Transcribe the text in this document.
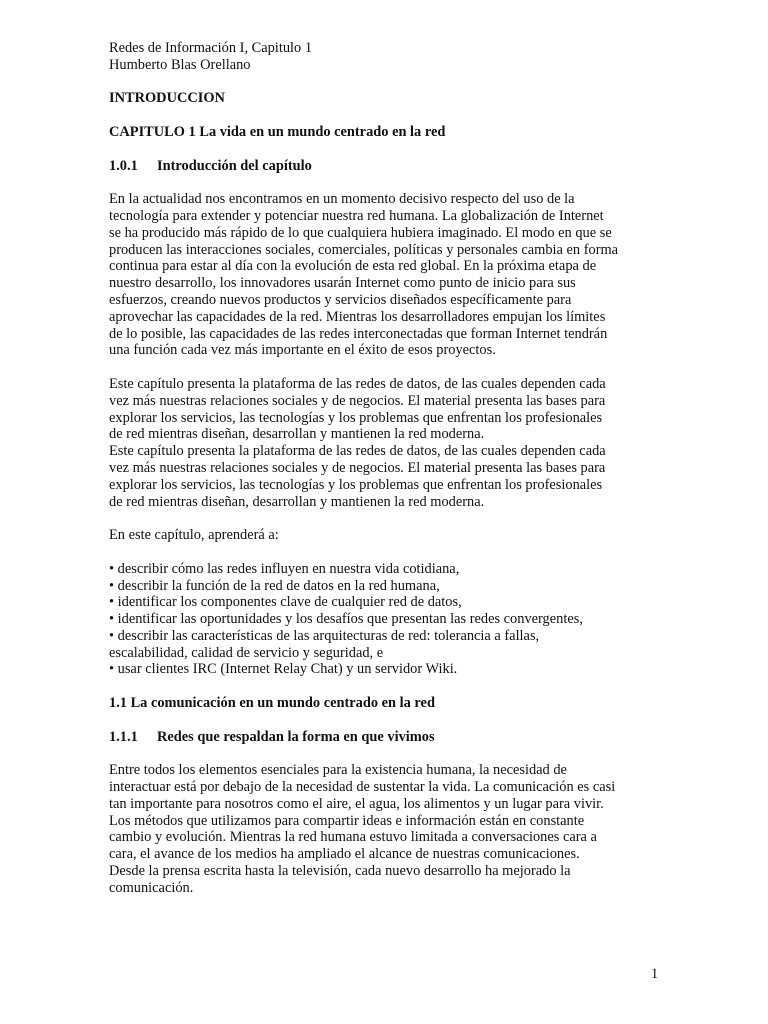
Redes de Información I, Capitulo 1

Humberto Blas Orellano

INTRODUCCION

CAPITULO 1 La vida en un mundo centrado en la red

1.0.1 Introducción del capítulo

En la actualidad nos encontramos en un momento decisivo respecto del uso de la

tecnología para extender y potenciar nuestra red humana. La globalización de Internet

se ha producido más rápido de lo que cualquiera hubiera imaginado. El modo en que se

producen las interacciones sociales, comerciales, políticas y personales cambia en forma

continua para estar al día con la evolución de esta red global. En la próxima etapa de

nuestro desarrollo, los innovadores usarán Internet como punto de inicio para sus

esfuerzos, creando nuevos productos y servicios diseñados específicamente para

aprovechar las capacidades de la red. Mientras los desarrolladores empujan los límites

de lo posible, las capacidades de las redes interconectadas que forman Internet tendrán

una función cada vez más importante en el éxito de esos proyectos.

Este capítulo presenta la plataforma de las redes de datos, de las cuales dependen cada

vez más nuestras relaciones sociales y de negocios. El material presenta las bases para

explorar los servicios, las tecnologías y los problemas que enfrentan los profesionales

de red mientras diseñan, desarrollan y mantienen la red moderna.

Este capítulo presenta la plataforma de las redes de datos, de las cuales dependen cada

vez más nuestras relaciones sociales y de negocios. El material presenta las bases para

explorar los servicios, las tecnologías y los problemas que enfrentan los profesionales

de red mientras diseñan, desarrollan y mantienen la red moderna.

En este capítulo, aprenderá a:

• describir cómo las redes influyen en nuestra vida cotidiana,

• describir la función de la red de datos en la red humana,

• identificar los componentes clave de cualquier red de datos,

• identificar las oportunidades y los desafíos que presentan las redes convergentes,

• describir las características de las arquitecturas de red: tolerancia a fallas,

escalabilidad, calidad de servicio y seguridad, e

• usar clientes IRC (Internet Relay Chat) y un servidor Wiki.

1.1 La comunicación en un mundo centrado en la red

1.1.1 Redes que respaldan la forma en que vivimos

Entre todos los elementos esenciales para la existencia humana, la necesidad de

interactuar está por debajo de la necesidad de sustentar la vida. La comunicación es casi

tan importante para nosotros como el aire, el agua, los alimentos y un lugar para vivir.

Los métodos que utilizamos para compartir ideas e información están en constante

cambio y evolución. Mientras la red humana estuvo limitada a conversaciones cara a

cara, el avance de los medios ha ampliado el alcance de nuestras comunicaciones.

Desde la prensa escrita hasta la televisión, cada nuevo desarrollo ha mejorado la

comunicación.

1
